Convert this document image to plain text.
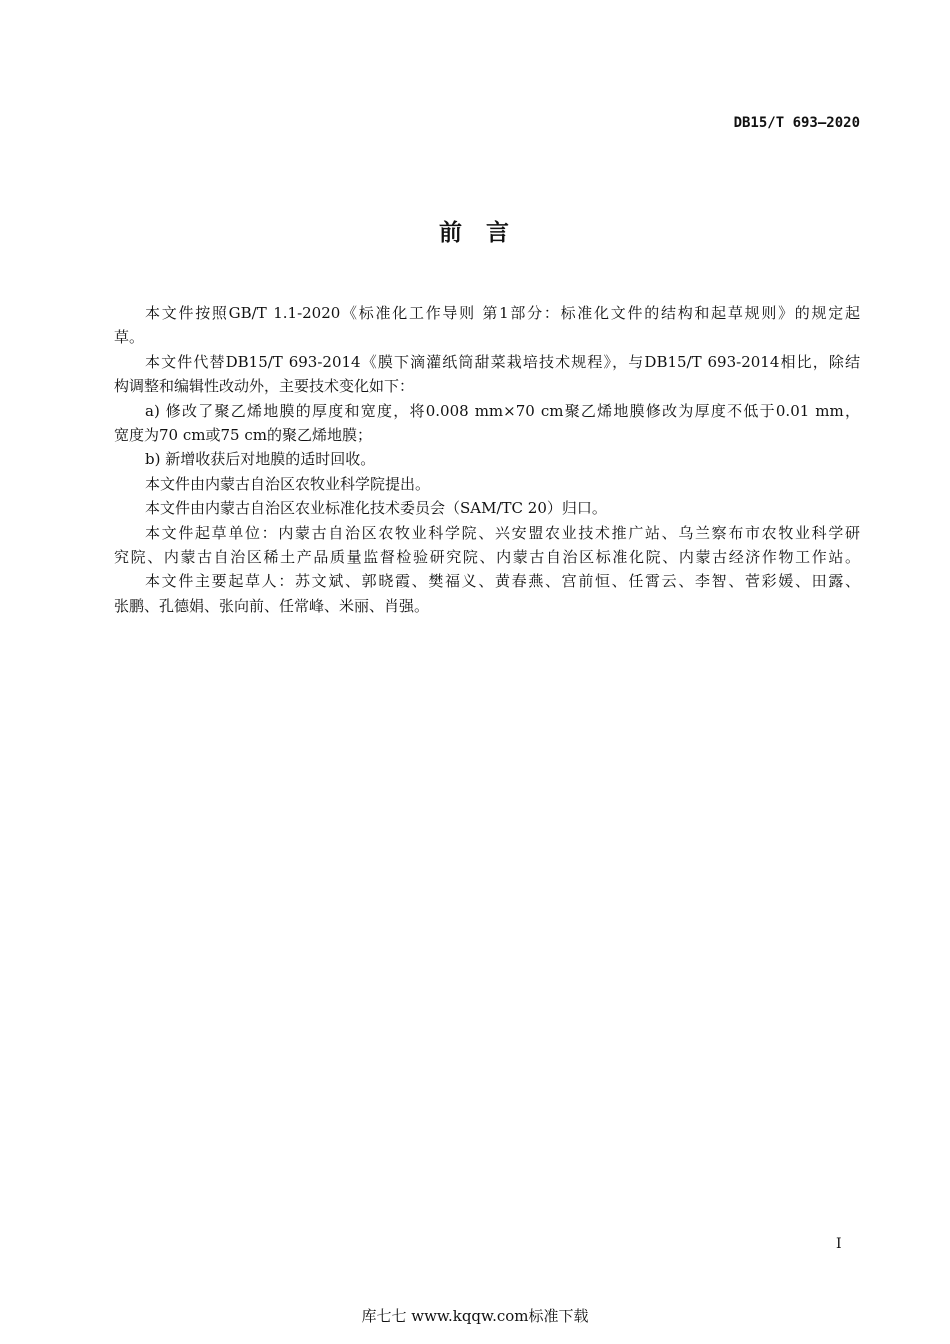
DB15/T 693—2020
前 言
本文件按照GB/T 1.1-2020《标准化工作导则 第1部分：标准化文件的结构和起草规则》的规定起
草。
本文件代替DB15/T 693-2014《膜下滴灌纸筒甜菜栽培技术规程》，与DB15/T 693-2014相比，除结
构调整和编辑性改动外，主要技术变化如下：
a) 修改了聚乙烯地膜的厚度和宽度，将0.008 mm×70 cm聚乙烯地膜修改为厚度不低于0.01 mm，
宽度为70 cm或75 cm的聚乙烯地膜；
b) 新增收获后对地膜的适时回收。
本文件由内蒙古自治区农牧业科学院提出。
本文件由内蒙古自治区农业标准化技术委员会（SAM/TC 20）归口。
本文件起草单位：内蒙古自治区农牧业科学院、兴安盟农业技术推广站、乌兰察布市农牧业科学研
究院、内蒙古自治区稀土产品质量监督检验研究院、内蒙古自治区标准化院、内蒙古经济作物工作站。
本文件主要起草人：苏文斌、郭晓霞、樊福义、黄春燕、宫前恒、任霄云、李智、菅彩媛、田露、
张鹏、孔德娟、张向前、任常峰、米丽、肖强。
I
库七七 www.kqqw.com标准下载
